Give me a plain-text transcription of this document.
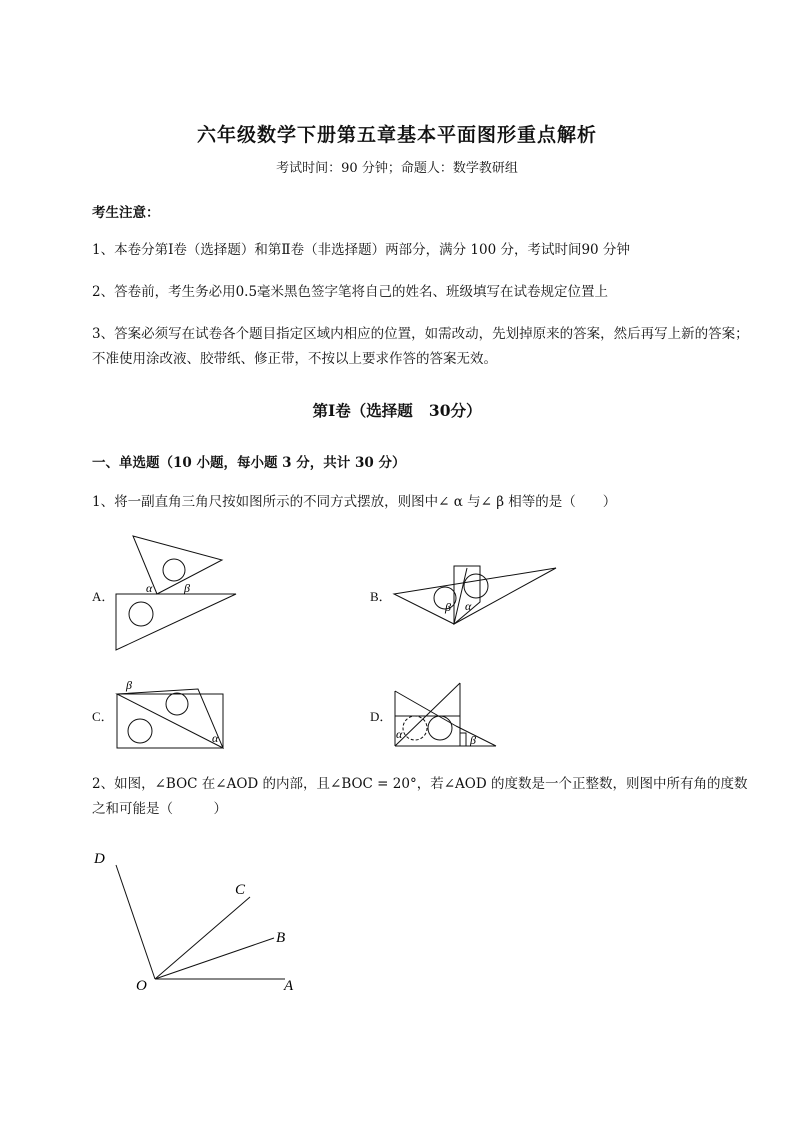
六年级数学下册第五章基本平面图形重点解析
考试时间：90 分钟；命题人：数学教研组
考生注意：
1、本卷分第Ⅰ卷（选择题）和第Ⅱ卷（非选择题）两部分，满分 100 分，考试时间90 分钟
2、答卷前，考生务必用0.5毫米黑色签字笔将自己的姓名、班级填写在试卷规定位置上
3、答案必须写在试卷各个题目指定区域内相应的位置，如需改动，先划掉原来的答案，然后再写上新的答案；不准使用涂改液、胶带纸、修正带，不按以上要求作答的答案无效。
第Ⅰ卷（选择题   30分）
一、单选题（10 小题，每小题 3 分，共计 30 分）
1、将一副直角三角尺按如图所示的不同方式摆放，则图中∠ α 与∠ β 相等的是（　　）
A．
α	β
B．
β α
C．
β
α
D．
α	β
2、如图，∠BOC 在∠AOD 的内部，且∠BOC = 20°，若∠AOD 的度数是一个正整数，则图中所有角的度数之和可能是（　　　）
D
C
B
O	A
